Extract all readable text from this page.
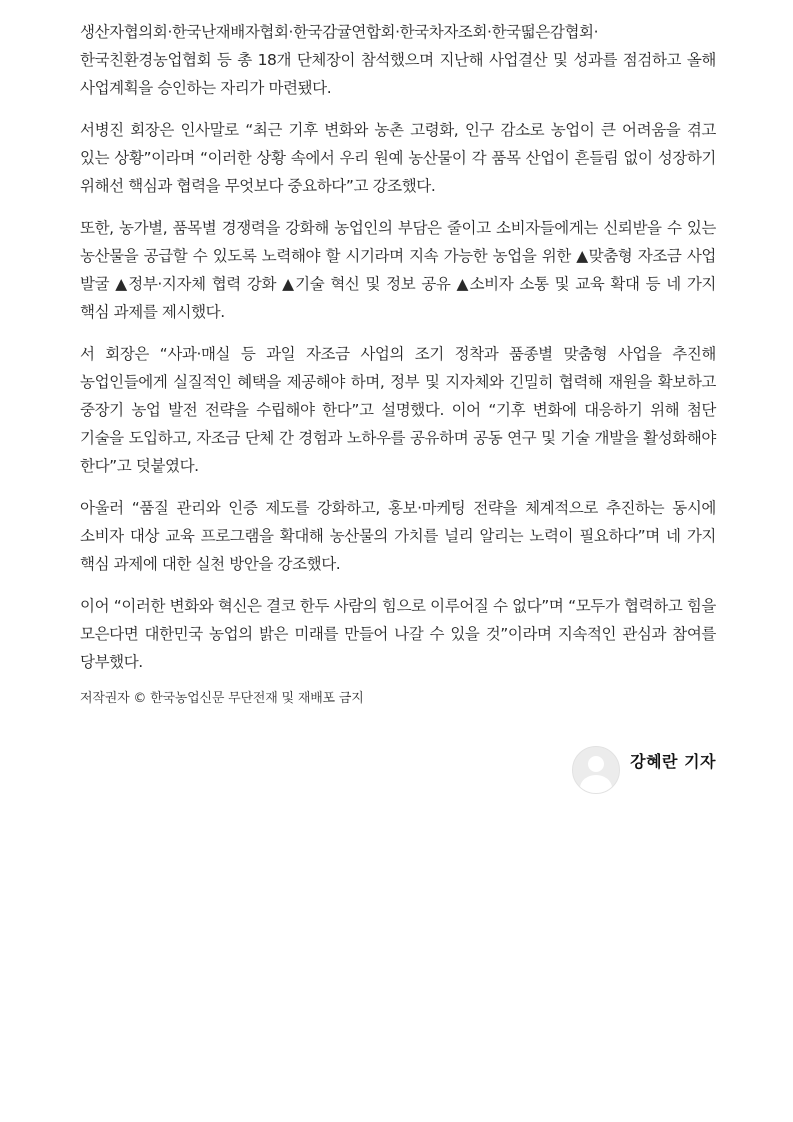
생산자협의회·한국난재배자협회·한국감귤연합회·한국차자조회·한국떫은감협회·한국친환경농업협회 등 총 18개 단체장이 참석했으며 지난해 사업결산 및 성과를 점검하고 올해 사업계획을 승인하는 자리가 마련됐다.

서병진 회장은 인사말로 “최근 기후 변화와 농촌 고령화, 인구 감소로 농업이 큰 어려움을 겪고 있는 상황”이라며 “이러한 상황 속에서 우리 원예 농산물이 각 품목 산업이 흔들림 없이 성장하기 위해선 핵심과 협력을 무엇보다 중요하다”고 강조했다.

또한, 농가별, 품목별 경쟁력을 강화해 농업인의 부담은 줄이고 소비자들에게는 신뢰받을 수 있는 농산물을 공급할 수 있도록 노력해야 할 시기라며 지속 가능한 농업을 위한 ▲맞춤형 자조금 사업 발굴 ▲정부·지자체 협력 강화 ▲기술 혁신 및 정보 공유 ▲소비자 소통 및 교육 확대 등 네 가지 핵심 과제를 제시했다.

서 회장은 “사과·매실 등 과일 자조금 사업의 조기 정착과 품종별 맞춤형 사업을 추진해 농업인들에게 실질적인 혜택을 제공해야 하며, 정부 및 지자체와 긴밀히 협력해 재원을 확보하고 중장기 농업 발전 전략을 수립해야 한다”고 설명했다. 이어 “기후 변화에 대응하기 위해 첨단 기술을 도입하고, 자조금 단체 간 경험과 노하우를 공유하며 공동 연구 및 기술 개발을 활성화해야 한다”고 덧붙였다.

아울러 “품질 관리와 인증 제도를 강화하고, 홍보·마케팅 전략을 체계적으로 추진하는 동시에 소비자 대상 교육 프로그램을 확대해 농산물의 가치를 널리 알리는 노력이 필요하다”며 네 가지 핵심 과제에 대한 실천 방안을 강조했다.

이어 “이러한 변화와 혁신은 결코 한두 사람의 힘으로 이루어질 수 없다”며 “모두가 협력하고 힘을 모은다면 대한민국 농업의 밝은 미래를 만들어 나갈 수 있을 것”이라며 지속적인 관심과 참여를 당부했다.

저작권자 © 한국농업신문 무단전재 및 재배포 금지
강혜란 기자
